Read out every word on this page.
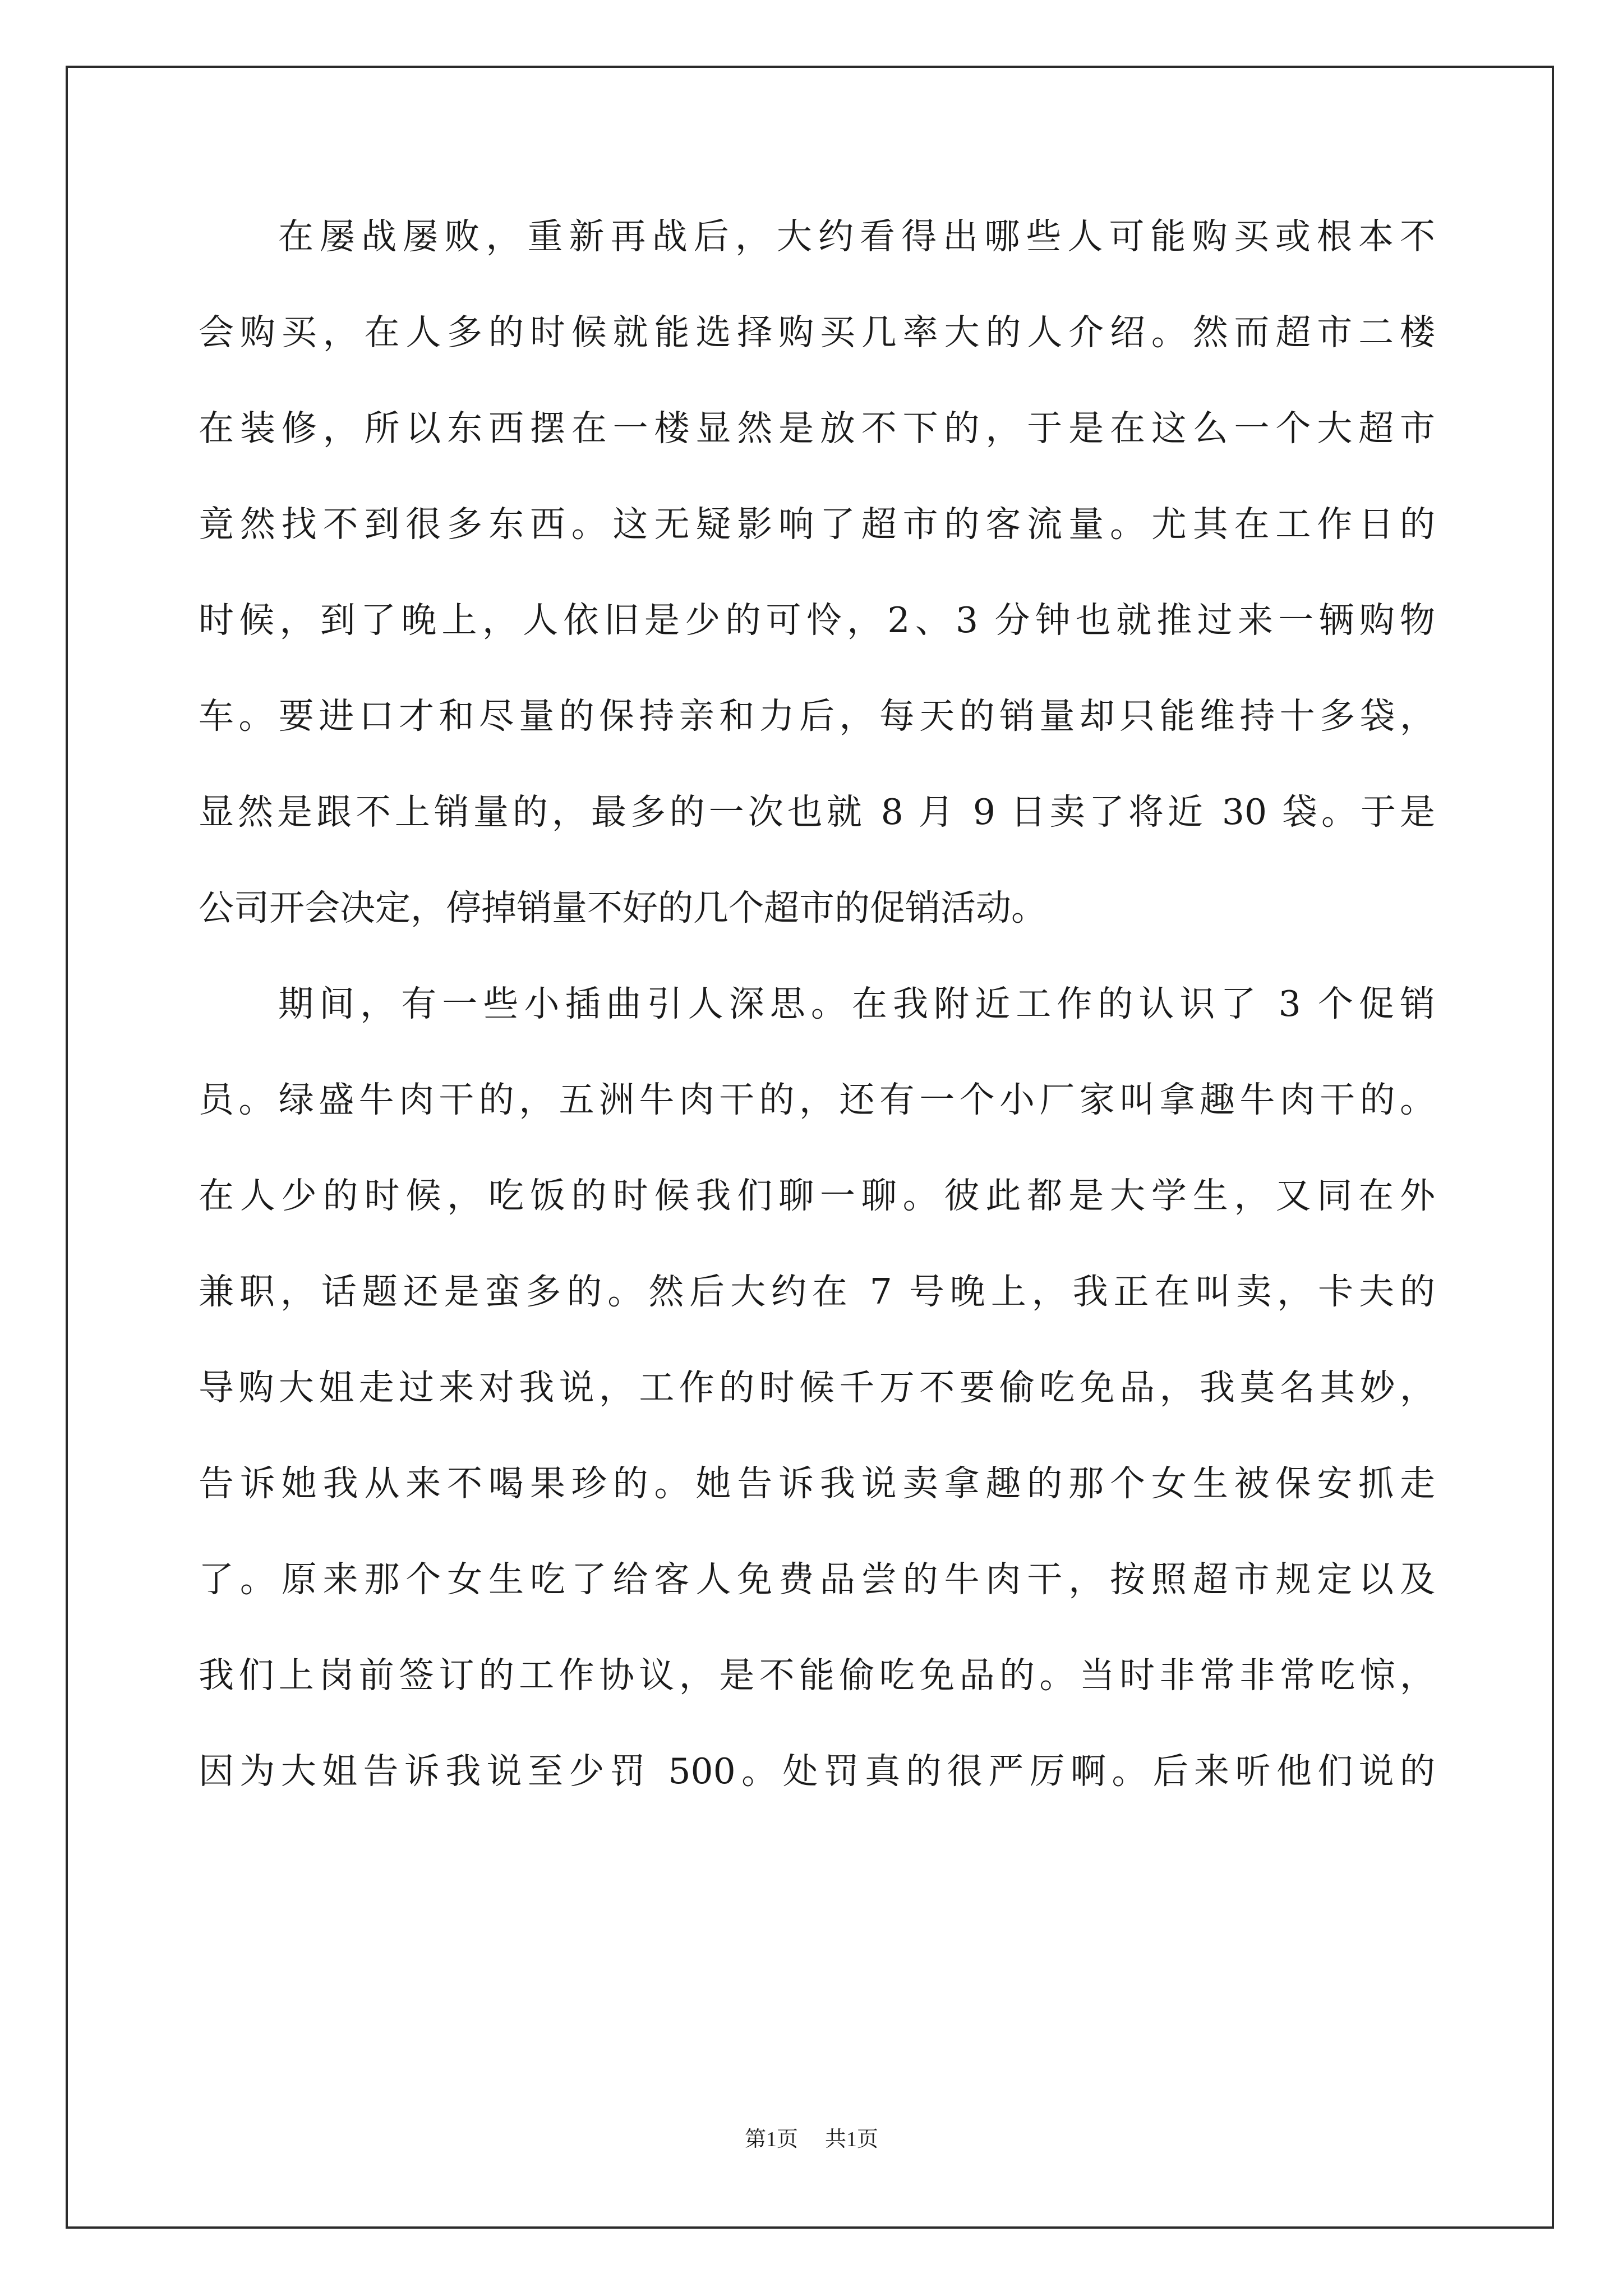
在屡战屡败，重新再战后，大约看得出哪些人可能购买或根本不
会购买，在人多的时候就能选择购买几率大的人介绍。然而超市二楼
在装修，所以东西摆在一楼显然是放不下的，于是在这么一个大超市
竟然找不到很多东西。这无疑影响了超市的客流量。尤其在工作日的
时候，到了晚上，人依旧是少的可怜，2、3 分钟也就推过来一辆购物
车。要进口才和尽量的保持亲和力后，每天的销量却只能维持十多袋，
显然是跟不上销量的，最多的一次也就 8 月 9 日卖了将近 30 袋。于是
公司开会决定，停掉销量不好的几个超市的促销活动。
期间，有一些小插曲引人深思。在我附近工作的认识了 3 个促销
员。绿盛牛肉干的，五洲牛肉干的，还有一个小厂家叫拿趣牛肉干的。
在人少的时候，吃饭的时候我们聊一聊。彼此都是大学生，又同在外
兼职，话题还是蛮多的。然后大约在 7 号晚上，我正在叫卖，卡夫的
导购大姐走过来对我说，工作的时候千万不要偷吃免品，我莫名其妙，
告诉她我从来不喝果珍的。她告诉我说卖拿趣的那个女生被保安抓走
了。原来那个女生吃了给客人免费品尝的牛肉干，按照超市规定以及
我们上岗前签订的工作协议，是不能偷吃免品的。当时非常非常吃惊，
因为大姐告诉我说至少罚 500。处罚真的很严厉啊。后来听他们说的
第1页 共1页
